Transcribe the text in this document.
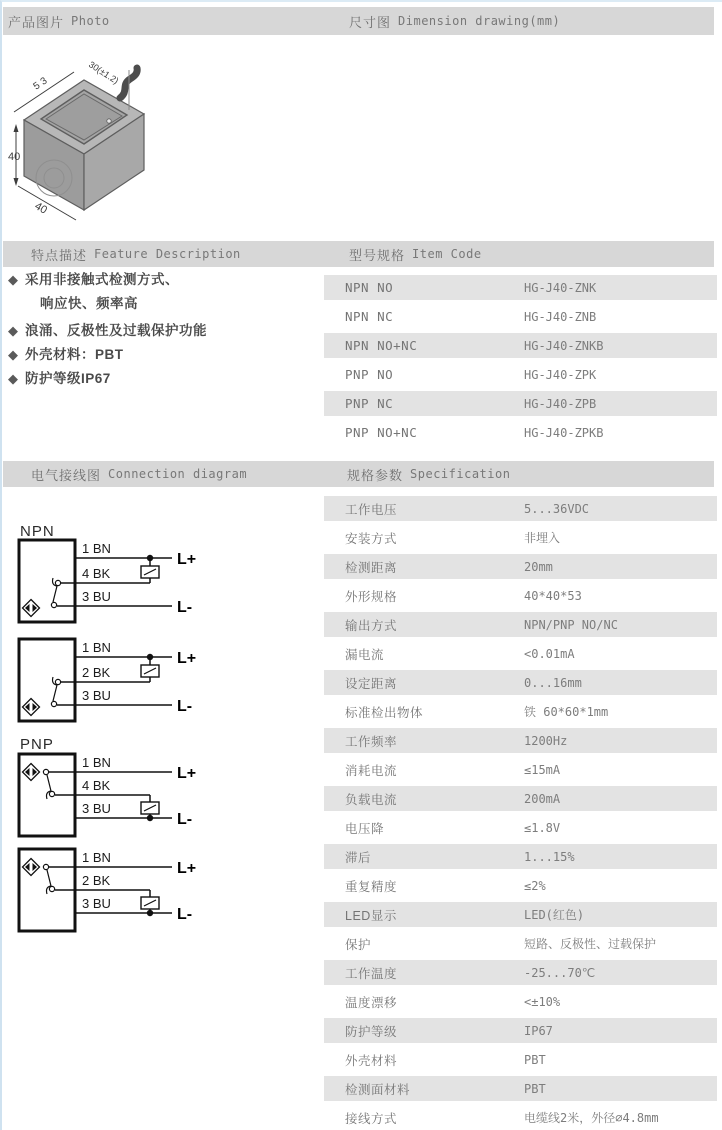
产品图片 Photo	尺寸图 Dimension drawing(mm)
40
53	30(±1.2)
40
特点描述 Feature Description	型号规格 Item Code
◆ 采用非接触式检测方式、
响应快、频率高
◆ 浪涌、反极性及过载保护功能
◆ 外壳材料：PBT
◆ 防护等级IP67
NPN NO	HG-J40-ZNK
NPN NC	HG-J40-ZNB
NPN NO+NC	HG-J40-ZNKB
PNP NO	HG-J40-ZPK
PNP NC	HG-J40-ZPB
PNP NO+NC	HG-J40-ZPKB
电气接线图 Connection diagram	规格参数 Specification
NPN
1 BN
4 BK
3 BU
L+
L-
1 BN
2 BK
3 BU
L+
L-
PNP
1 BN
4 BK
3 BU
L+
L-
1 BN
2 BK
3 BU
L+
L-
工作电压	5...36VDC
安装方式	非埋入
检测距离	20mm
外形规格	40*40*53
输出方式	NPN/PNP NO/NC
漏电流	<0.01mA
设定距离	0...16mm
标准检出物体	铁 60*60*1mm
工作频率	1200Hz
消耗电流	≤15mA
负载电流	200mA
电压降	≤1.8V
滞后	1...15%
重复精度	≤2%
LED显示	LED(红色)
保护	短路、反极性、过载保护
工作温度	-25...70℃
温度漂移	<±10%
防护等级	IP67
外壳材料	PBT
检测面材料	PBT
接线方式	电缆线2米，外径∅4.8mm
